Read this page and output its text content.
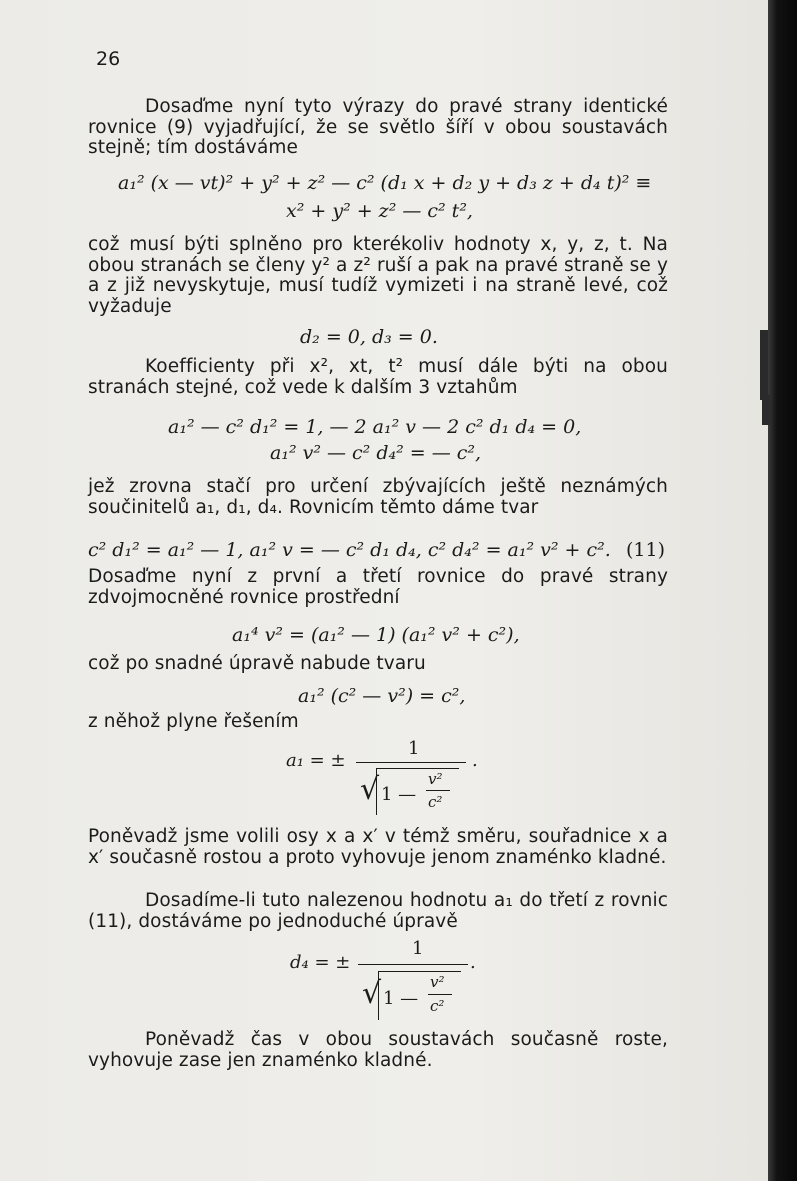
26
Dosaďme nyní tyto výrazy do pravé strany identické rovnice (9) vyjadřující, že se světlo šíří v obou soustavách stejně; tím dostáváme
a₁² (x — vt)² + y² + z² — c² (d₁ x + d₂ y + d₃ z + d₄ t)² ≡
x² + y² + z² — c² t²,
což musí býti splněno pro kterékoliv hodnoty x, y, z, t. Na obou stranách se členy y² a z² ruší a pak na pravé straně se y a z již nevyskytuje, musí tudíž vymizeti i na straně levé, což vyžaduje
d₂ = 0, d₃ = 0.
Koefficienty při x², xt, t² musí dále býti na obou stranách stejné, což vede k dalším 3 vztahům
a₁² — c² d₁² = 1, — 2 a₁² v — 2 c² d₁ d₄ = 0,
a₁² v² — c² d₄² = — c²,
jež zrovna stačí pro určení zbývajících ještě neznámých součinitelů a₁, d₁, d₄. Rovnicím těmto dáme tvar
c² d₁² = a₁² — 1, a₁² v = — c² d₁ d₄, c² d₄² = a₁² v² + c². (11)
Dosaďme nyní z první a třetí rovnice do pravé strany zdvojmocněné rovnice prostřední
a₁⁴ v² = (a₁² — 1) (a₁² v² + c²),
což po snadné úpravě nabude tvaru
a₁² (c² — v²) = c²,
z něhož plyne řešením
a₁ = ±
1
.
√ 1 —
v²
c²
Poněvadž jsme volili osy x a x′ v témž směru, souřadnice x a x′ současně rostou a proto vyhovuje jenom znaménko kladné.
Dosadíme-li tuto nalezenou hodnotu a₁ do třetí z rovnic (11), dostáváme po jednoduché úpravě
d₄ = ±
1
.
√ 1 —
v²
c²
Poněvadž čas v obou soustavách současně roste, vyhovuje zase jen znaménko kladné.
